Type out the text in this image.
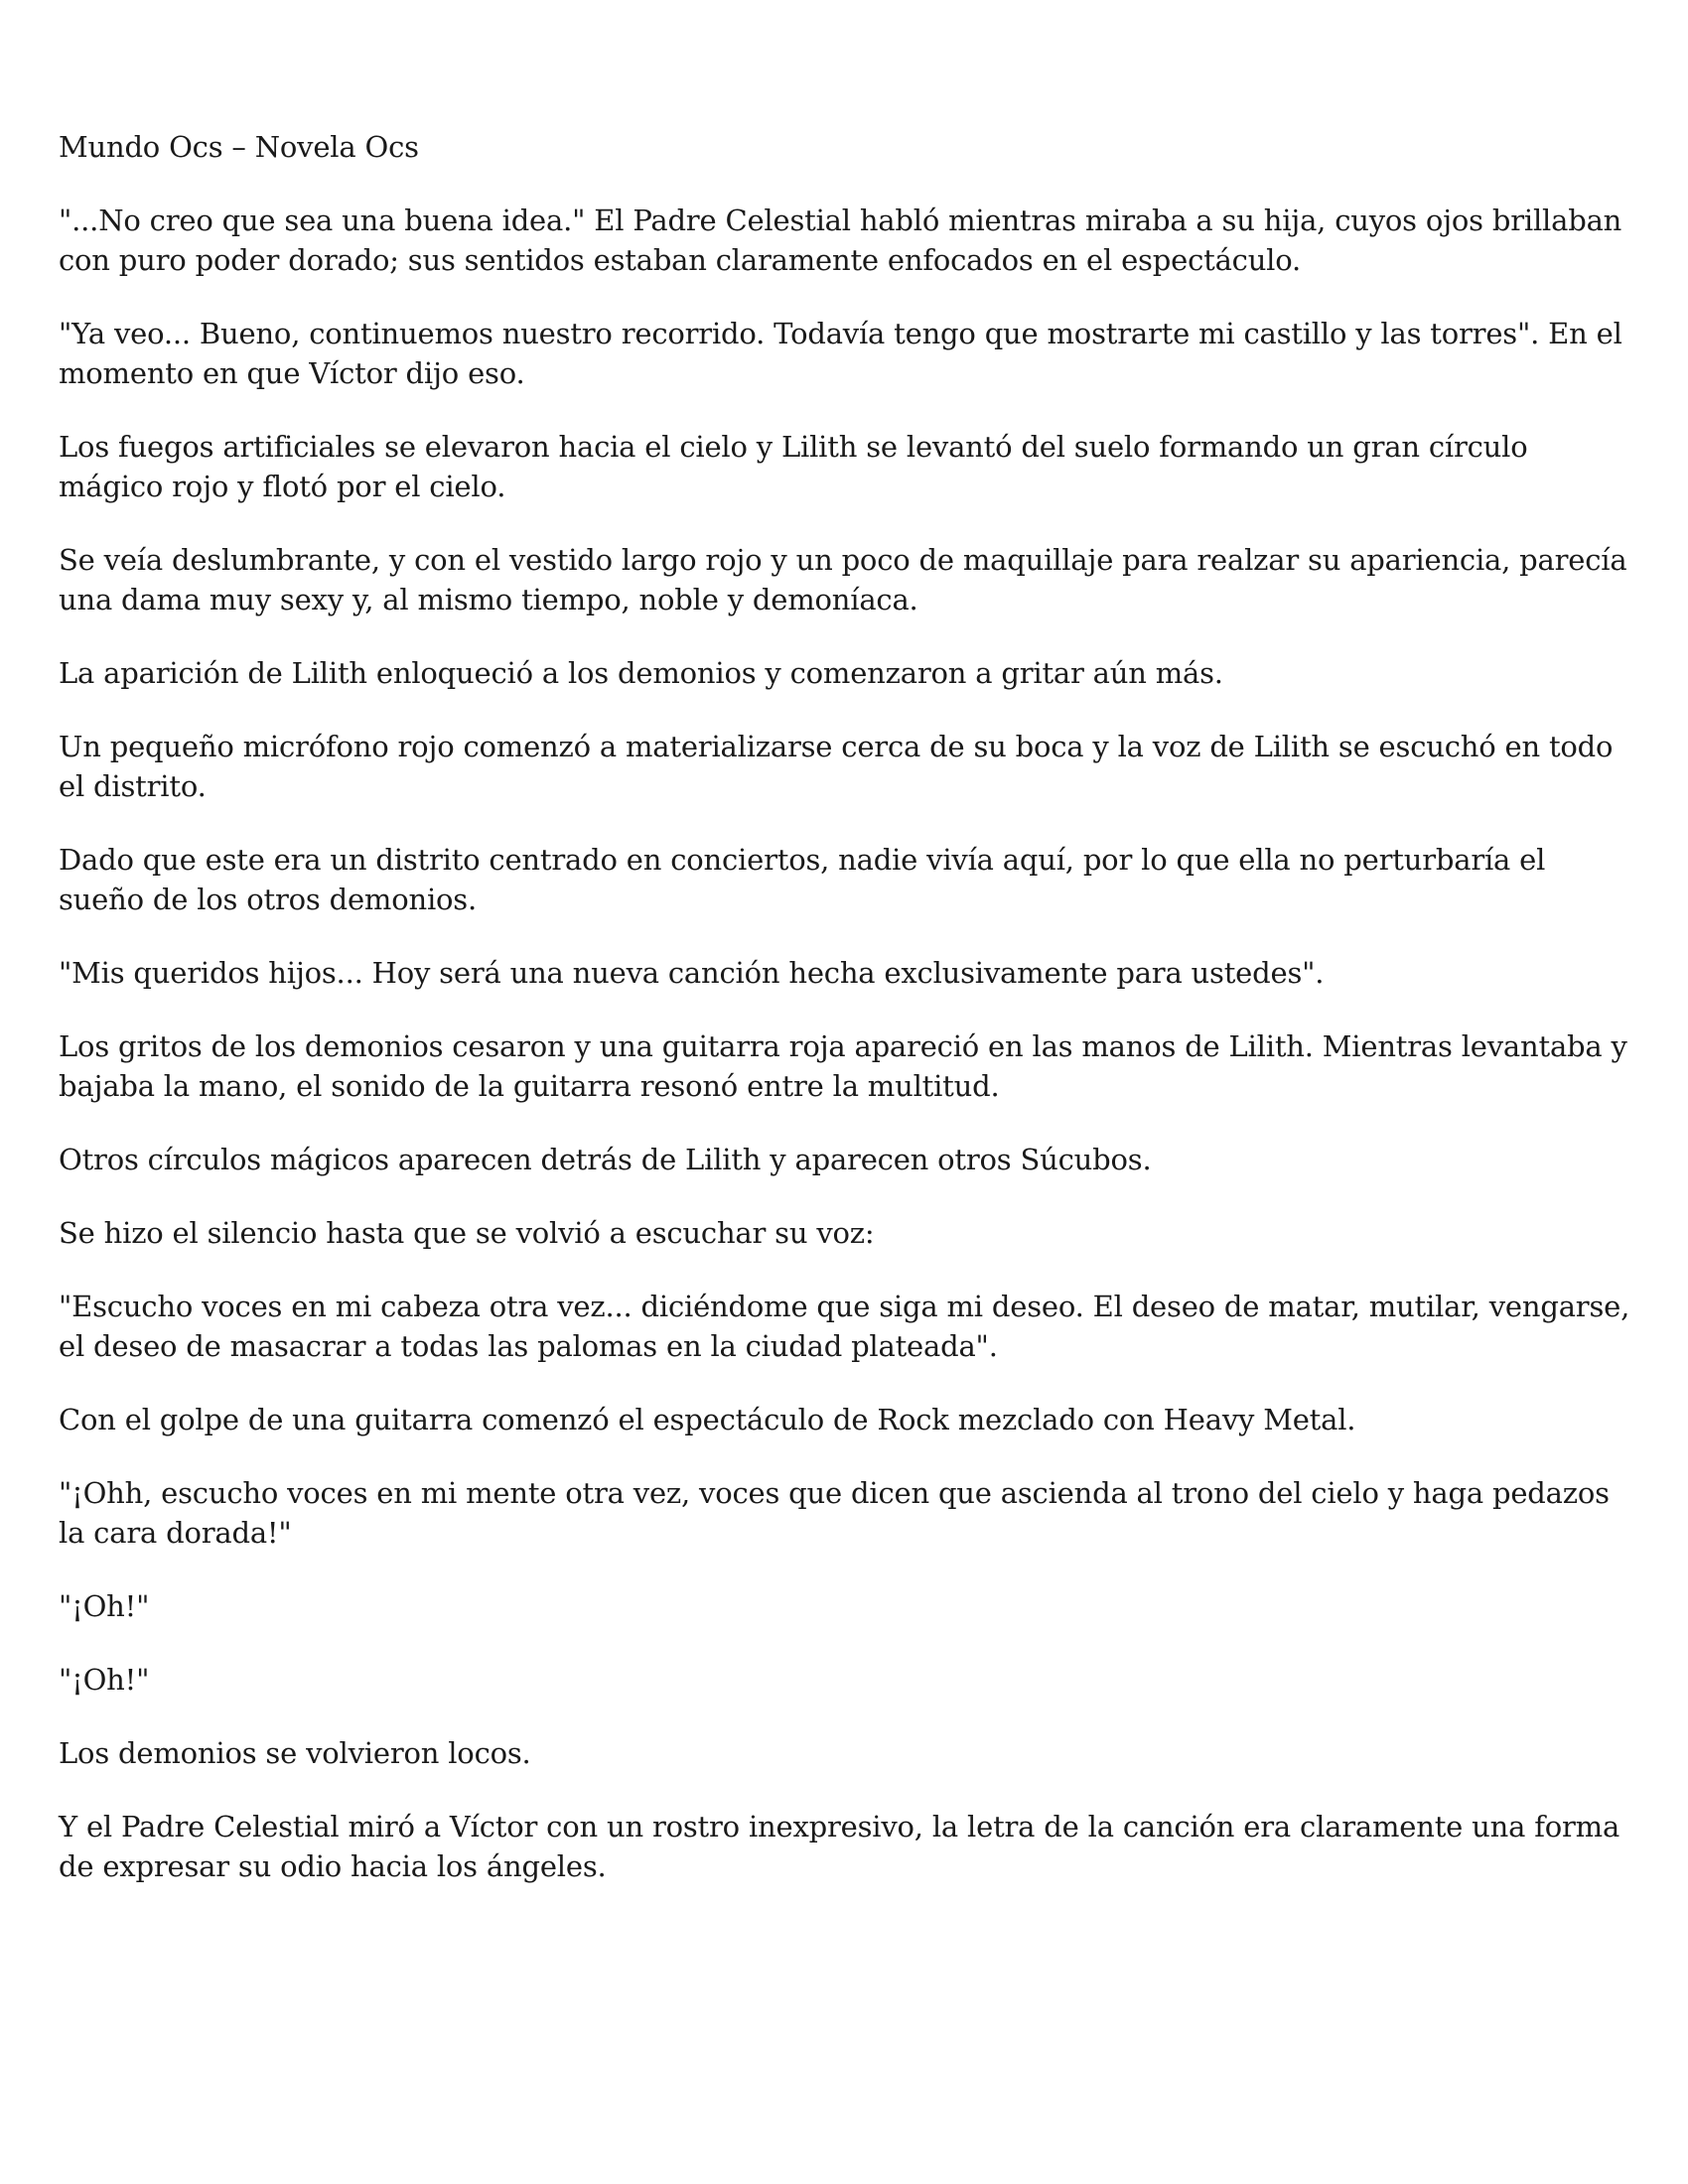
Mundo Ocs – Novela Ocs

"...No creo que sea una buena idea." El Padre Celestial habló mientras miraba a su hija, cuyos ojos brillaban con puro poder dorado; sus sentidos estaban claramente enfocados en el espectáculo.

"Ya veo... Bueno, continuemos nuestro recorrido. Todavía tengo que mostrarte mi castillo y las torres". En el momento en que Víctor dijo eso.

Los fuegos artificiales se elevaron hacia el cielo y Lilith se levantó del suelo formando un gran círculo mágico rojo y flotó por el cielo.

Se veía deslumbrante, y con el vestido largo rojo y un poco de maquillaje para realzar su apariencia, parecía una dama muy sexy y, al mismo tiempo, noble y demoníaca.

La aparición de Lilith enloqueció a los demonios y comenzaron a gritar aún más.

Un pequeño micrófono rojo comenzó a materializarse cerca de su boca y la voz de Lilith se escuchó en todo el distrito.

Dado que este era un distrito centrado en conciertos, nadie vivía aquí, por lo que ella no perturbaría el sueño de los otros demonios.

"Mis queridos hijos... Hoy será una nueva canción hecha exclusivamente para ustedes".

Los gritos de los demonios cesaron y una guitarra roja apareció en las manos de Lilith. Mientras levantaba y bajaba la mano, el sonido de la guitarra resonó entre la multitud.

Otros círculos mágicos aparecen detrás de Lilith y aparecen otros Súcubos.

Se hizo el silencio hasta que se volvió a escuchar su voz:

"Escucho voces en mi cabeza otra vez... diciéndome que siga mi deseo. El deseo de matar, mutilar, vengarse, el deseo de masacrar a todas las palomas en la ciudad plateada".

Con el golpe de una guitarra comenzó el espectáculo de Rock mezclado con Heavy Metal.

"¡Ohh, escucho voces en mi mente otra vez, voces que dicen que ascienda al trono del cielo y haga pedazos la cara dorada!"

"¡Oh!"

"¡Oh!"

Los demonios se volvieron locos.

Y el Padre Celestial miró a Víctor con un rostro inexpresivo, la letra de la canción era claramente una forma de expresar su odio hacia los ángeles.
